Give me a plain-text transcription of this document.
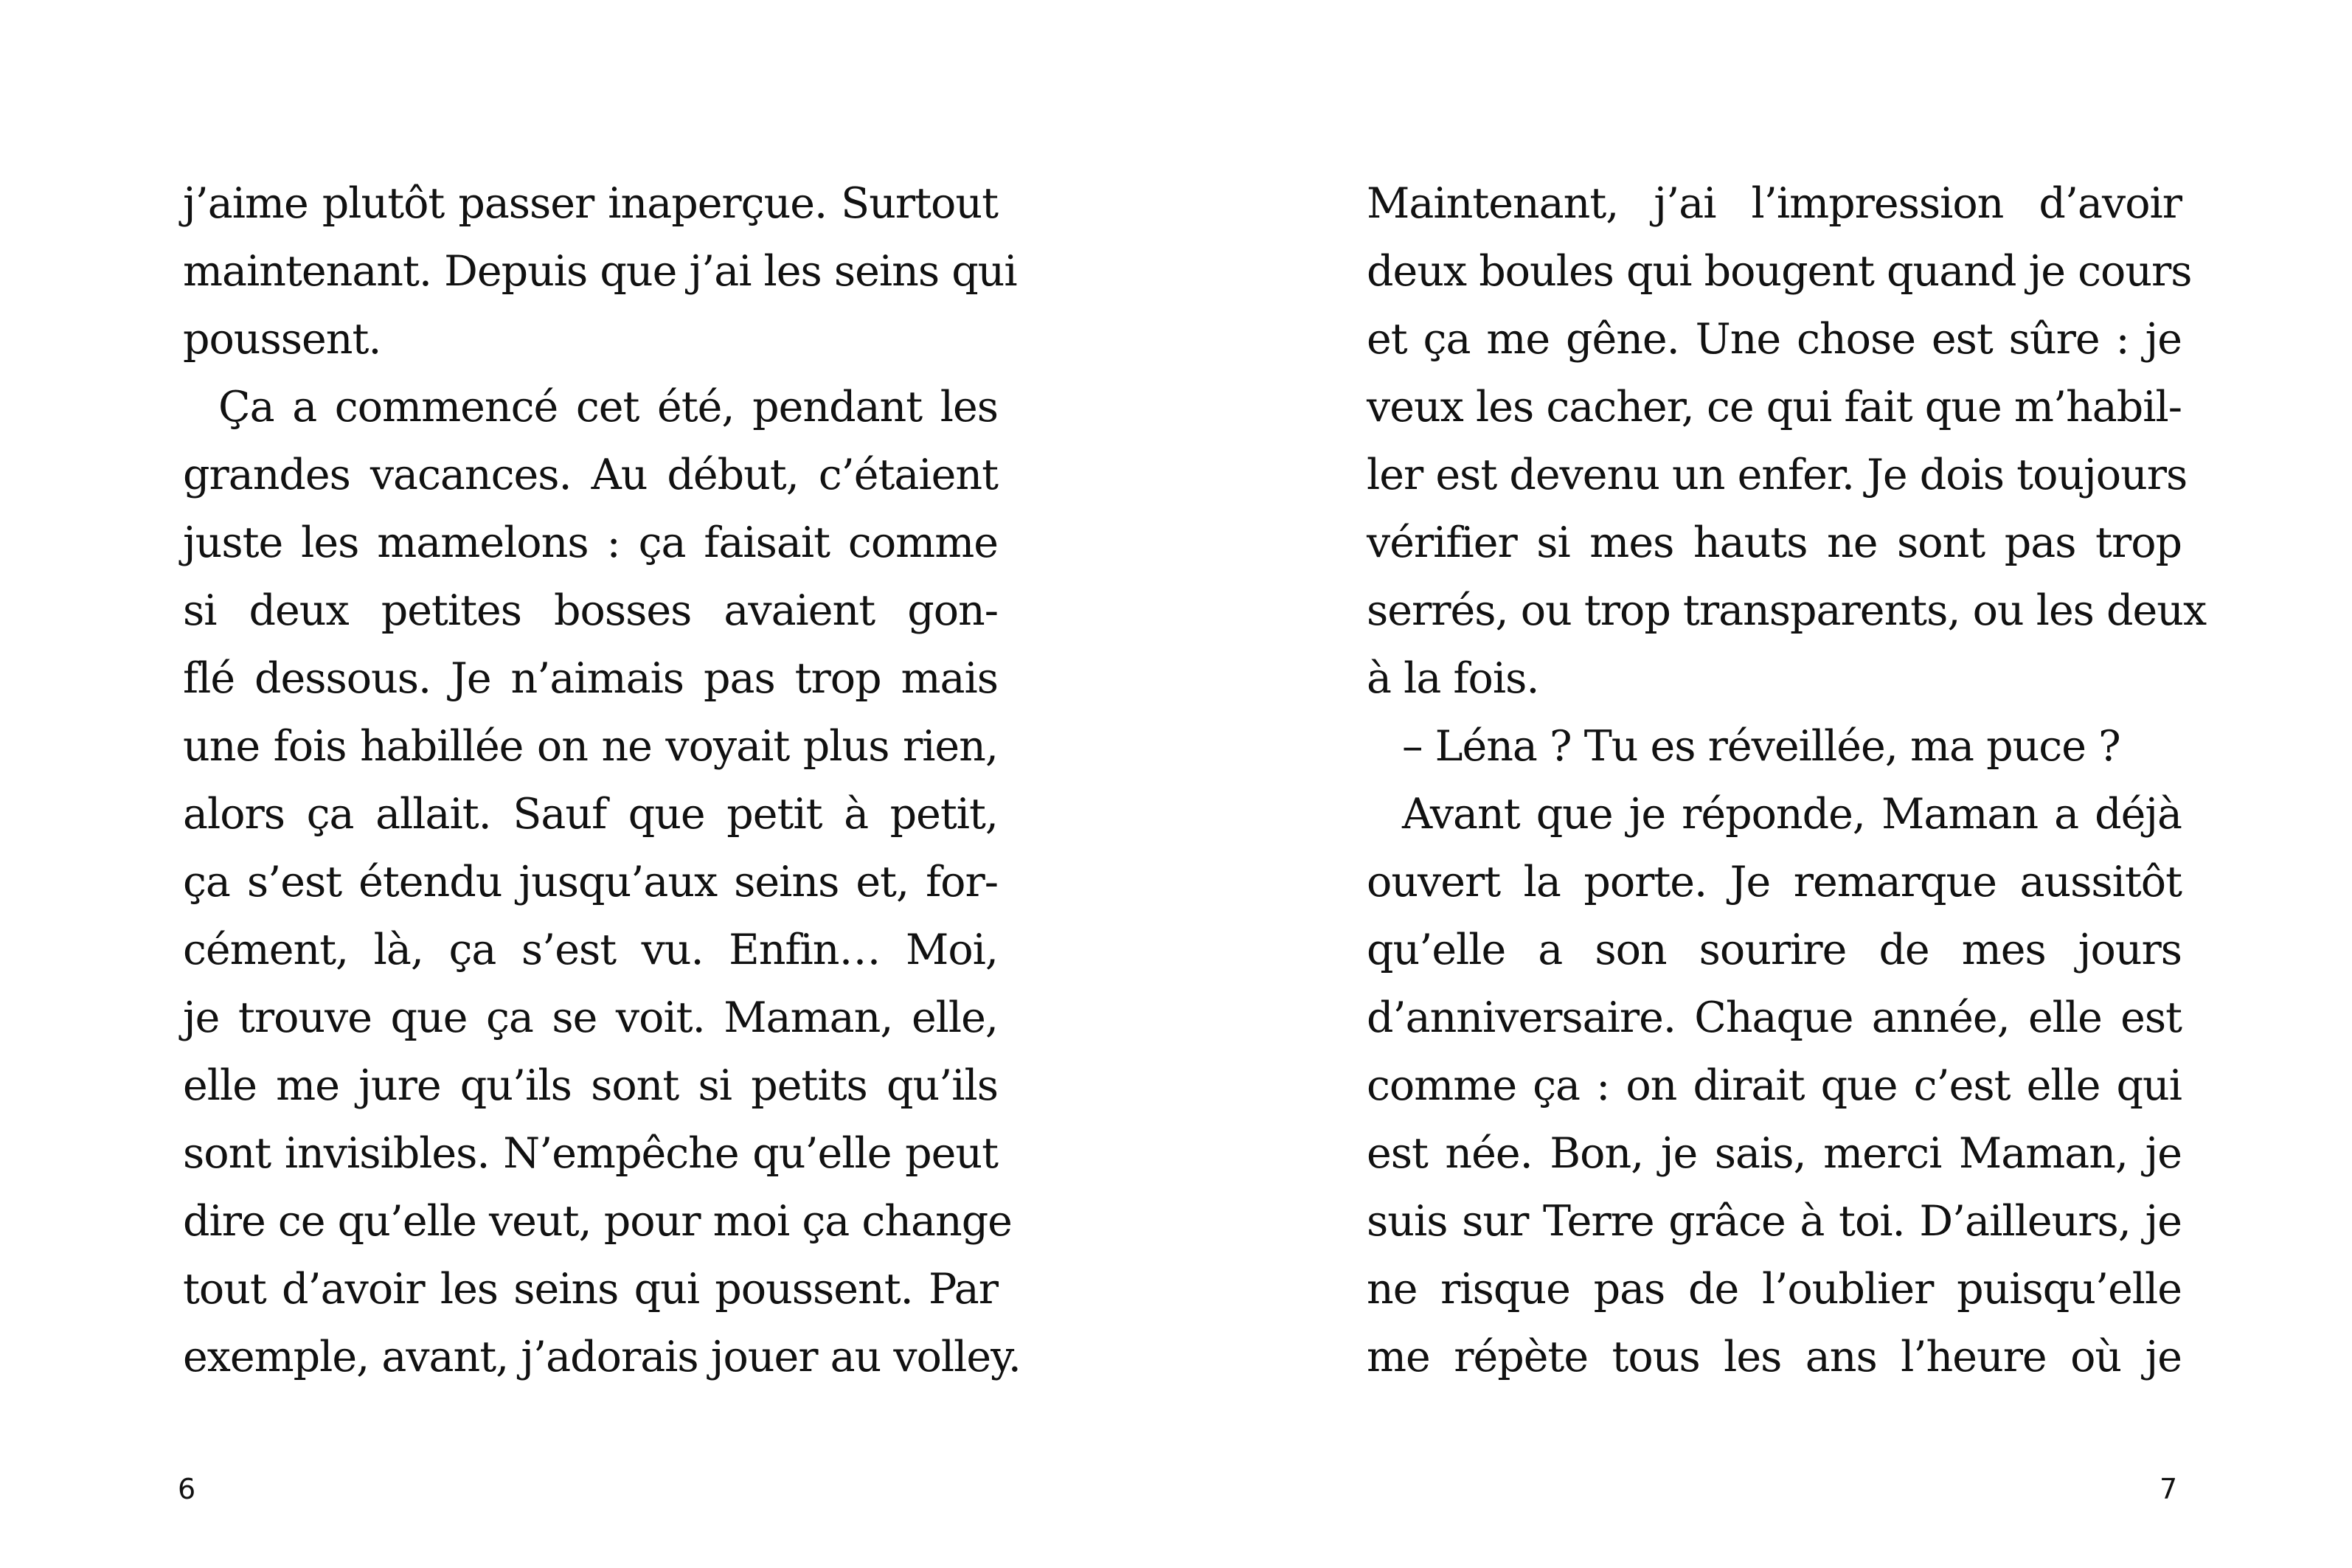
j’aime plutôt passer inaperçue. Surtout
maintenant. Depuis que j’ai les seins qui
poussent.
Ça a commencé cet été, pendant les
grandes vacances. Au début, c’étaient
juste les mamelons : ça faisait comme
si deux petites bosses avaient gon-
flé dessous. Je n’aimais pas trop mais
une fois habillée on ne voyait plus rien,
alors ça allait. Sauf que petit à petit,
ça s’est étendu jusqu’aux seins et, for-
cément, là, ça s’est vu. Enfin… Moi,
je trouve que ça se voit. Maman, elle,
elle me jure qu’ils sont si petits qu’ils
sont invisibles. N’empêche qu’elle peut
dire ce qu’elle veut, pour moi ça change
tout d’avoir les seins qui poussent. Par
exemple, avant, j’adorais jouer au volley.
Maintenant, j’ai l’impression d’avoir
deux boules qui bougent quand je cours
et ça me gêne. Une chose est sûre : je
veux les cacher, ce qui fait que m’habil-
ler est devenu un enfer. Je dois toujours
vérifier si mes hauts ne sont pas trop
serrés, ou trop transparents, ou les deux
à la fois.
– Léna ? Tu es réveillée, ma puce ?
Avant que je réponde, Maman a déjà
ouvert la porte. Je remarque aussitôt
qu’elle a son sourire de mes jours
d’anniversaire. Chaque année, elle est
comme ça : on dirait que c’est elle qui
est née. Bon, je sais, merci Maman, je
suis sur Terre grâce à toi. D’ailleurs, je
ne risque pas de l’oublier puisqu’elle
me répète tous les ans l’heure où je
6	7
